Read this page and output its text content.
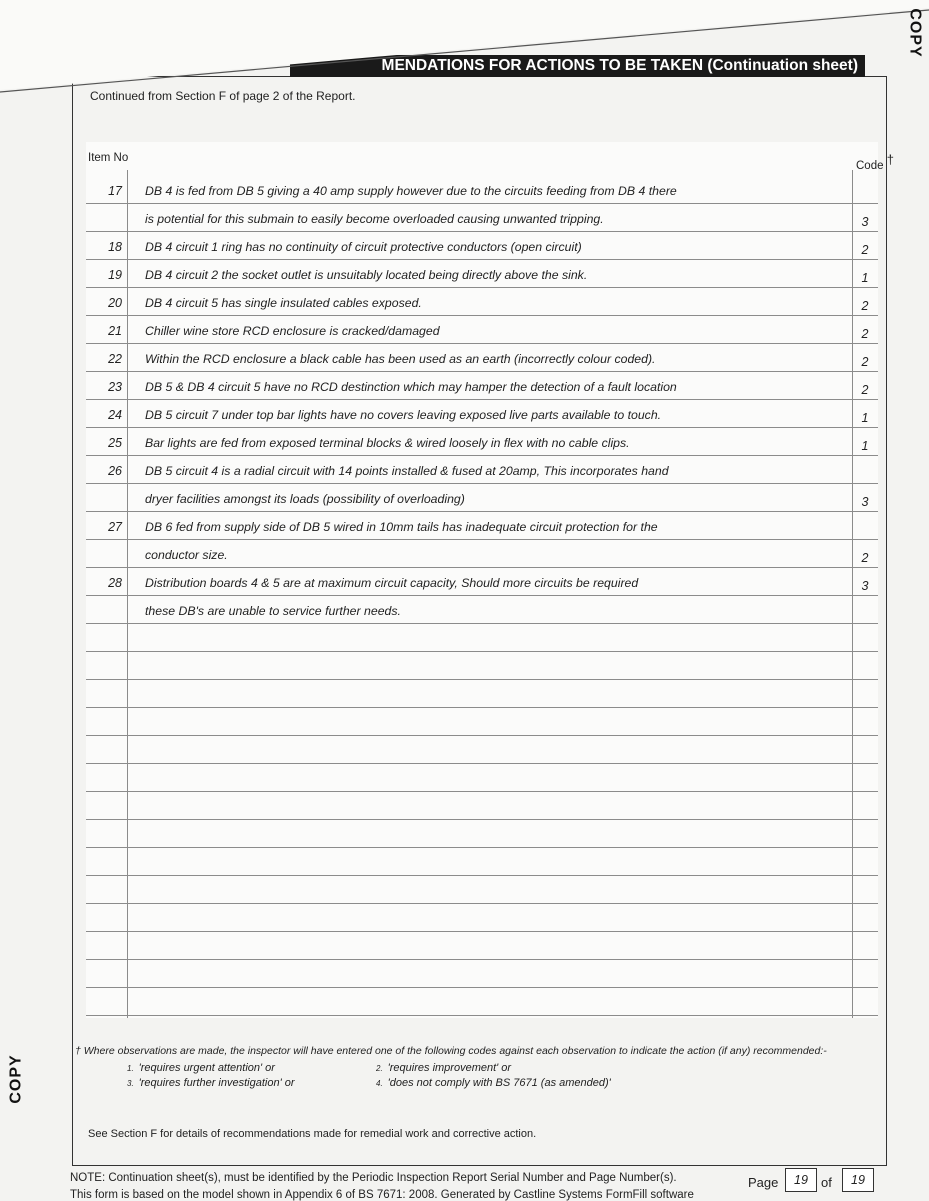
COPY
COPY
MENDATIONS FOR ACTIONS TO BE TAKEN (Continuation sheet)
Continued from Section F of page 2 of the Report.
Item No
Code †
17 DB 4 is fed from DB 5 giving a 40 amp supply however due to the circuits feeding from DB 4 there
is potential for this submain to easily become overloaded causing unwanted tripping.	3
18 DB 4 circuit 1 ring has no continuity of circuit protective conductors (open circuit)	2
19 DB 4 circuit 2 the socket outlet is unsuitably located being directly above the sink.	1
20 DB 4 circuit 5 has single insulated cables exposed.	2
21 Chiller wine store RCD enclosure is cracked/damaged	2
22 Within the RCD enclosure a black cable has been used as an earth (incorrectly colour coded).	2
23 DB 5 & DB 4 circuit 5 have no RCD destinction which may hamper the detection of a fault location	2
24 DB 5 circuit 7 under top bar lights have no covers leaving exposed live parts available to touch.	1
25 Bar lights are fed from exposed terminal blocks & wired loosely in flex with no cable clips.	1
26 DB 5 circuit 4 is a radial circuit with 14 points installed & fused at 20amp, This incorporates hand
dryer facilities amongst its loads (possibility of overloading)	3
27 DB 6 fed from supply side of DB 5 wired in 10mm tails has inadequate circuit protection for the
conductor size.	2
28 Distribution boards 4 & 5 are at maximum circuit capacity, Should more circuits be required	3
these DB's are unable to service further needs.
† Where observations are made, the inspector will have entered one of the following codes against each observation to indicate the action (if any) recommended:-
1. 'requires urgent attention' or	2. 'requires improvement' or
3. 'requires further investigation' or	4. 'does not comply with BS 7671 (as amended)'
See Section F for details of recommendations made for remedial work and corrective action.
NOTE: Continuation sheet(s), must be identified by the Periodic Inspection Report Serial Number and Page Number(s).
This form is based on the model shown in Appendix 6 of BS 7671: 2008. Generated by Castline Systems FormFill software
Page	19	of	19
